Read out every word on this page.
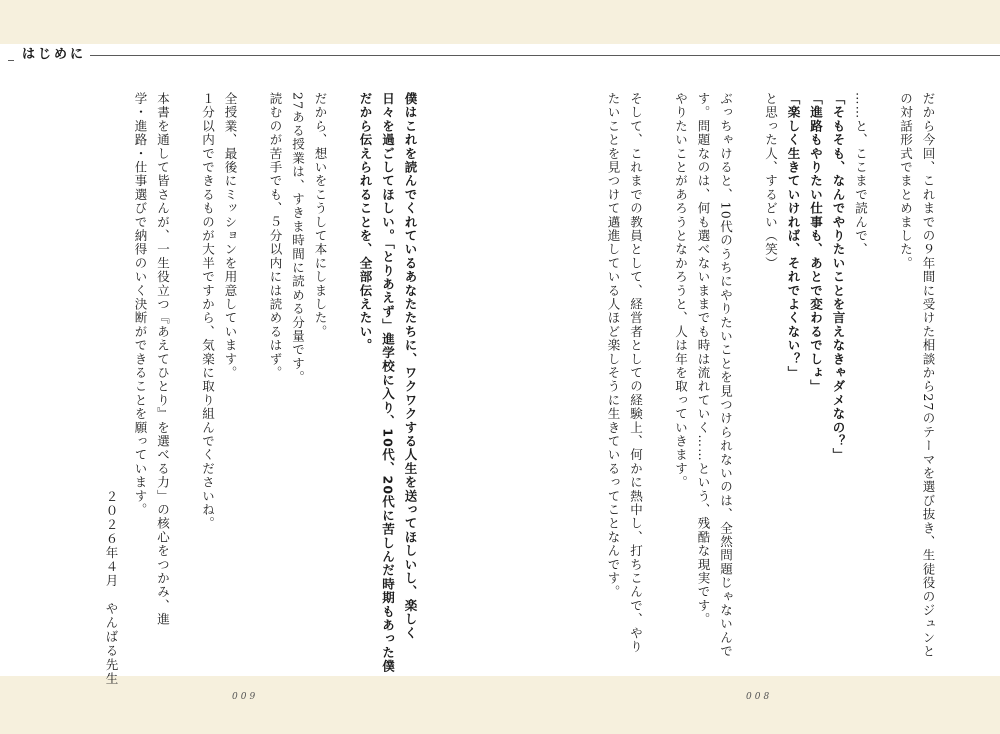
はじめに
だから今回、これまでの９年間に受けた相談から27のテーマを選び抜き、生徒役のジュンと
の対話形式でまとめました。
……と、ここまで読んで、
「そもそも、なんでやりたいことを言えなきゃダメなの？」
「進路もやりたい仕事も、あとで変わるでしょ」
「楽しく生きていければ、それでよくない？」
と思った人、するどい（笑）
ぶっちゃけると、10代のうちにやりたいことを見つけられないのは、全然問題じゃないんで
す。問題なのは、何も選べないままでも時は流れていく……という、残酷な現実です。
やりたいことがあろうとなかろうと、人は年を取っていきます。
そして、これまでの教員として、経営者としての経験上、何かに熱中し、打ちこんで、やり
たいことを見つけて邁進している人ほど楽しそうに生きているってことなんです。
僕はこれを読んでくれているあなたたちに、ワクワクする人生を送ってほしいし、楽しく
日々を過ごしてほしい。「とりあえず」進学校に入り、10代、20代に苦しんだ時期もあった僕
だから伝えられることを、全部伝えたい。
だから、想いをこうして本にしました。
27ある授業は、すきま時間に読める分量です。
読むのが苦手でも、５分以内には読めるはず。
全授業、最後にミッションを用意しています。
１分以内でできるものが大半ですから、気楽に取り組んでくださいね。
本書を通して皆さんが、一生役立つ『あえてひとり』を選べる力」の核心をつかみ、進
学・進路・仕事選びで納得のいく決断ができることを願っています。
２０２６年４月　やんばる先生
009	008
